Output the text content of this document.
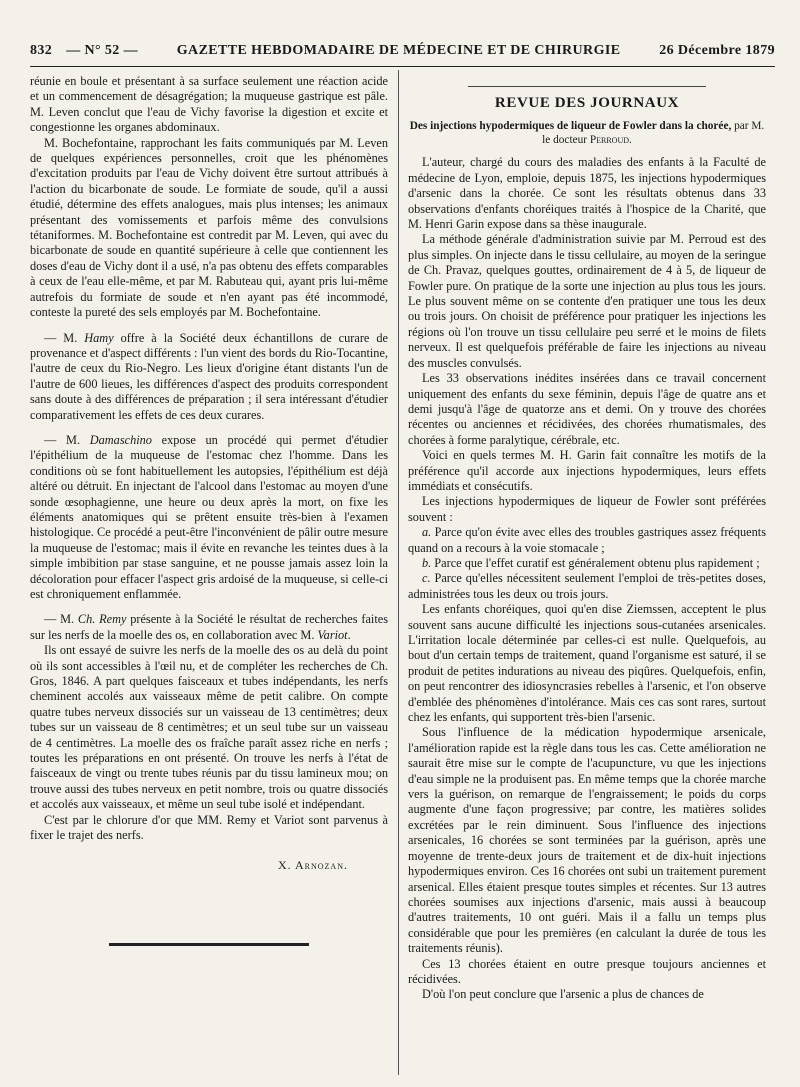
832 — N° 52 —	GAZETTE HEBDOMADAIRE DE MÉDECINE ET DE CHIRURGIE	26 Décembre 1879

réunie en boule et présentant à sa surface seulement une réaction acide et un commencement de désagrégation; la muqueuse gastrique est pâle. M. Leven conclut que l'eau de Vichy favorise la digestion et excite et congestionne les organes abdominaux.

M. Bochefontaine, rapprochant les faits communiqués par M. Leven de quelques expériences personnelles, croit que les phénomènes d'excitation produits par l'eau de Vichy doivent être surtout attribués à l'action du bicarbonate de soude. Le formiate de soude, qu'il a aussi étudié, détermine des effets analogues, mais plus intenses; les animaux présentant des vomissements et parfois même des convulsions tétaniformes. M. Bochefontaine est contredit par M. Leven, qui avec du bicarbonate de soude en quantité supérieure à celle que contiennent les doses d'eau de Vichy dont il a usé, n'a pas obtenu des effets comparables à ceux de l'eau elle-même, et par M. Rabuteau qui, ayant pris lui-même autrefois du formiate de soude et n'en ayant pas été incommodé, conteste la pureté des sels employés par M. Bochefontaine.

— M. Hamy offre à la Société deux échantillons de curare de provenance et d'aspect différents : l'un vient des bords du Rio-Tocantine, l'autre de ceux du Rio-Negro. Les lieux d'origine étant distants l'un de l'autre de 600 lieues, les différences d'aspect des produits correspondent sans doute à des différences de préparation ; il sera intéressant d'étudier comparativement les effets de ces deux curares.

— M. Damaschino expose un procédé qui permet d'étudier l'épithélium de la muqueuse de l'estomac chez l'homme. Dans les conditions où se font habituellement les autopsies, l'épithélium est déjà altéré ou détruit. En injectant de l'alcool dans l'estomac au moyen d'une sonde œsophagienne, une heure ou deux après la mort, on fixe les éléments anatomiques qui se prêtent ensuite très-bien à l'examen histologique. Ce procédé a peut-être l'inconvénient de pâlir outre mesure la muqueuse de l'estomac; mais il évite en revanche les teintes dues à la simple imbibition par stase sanguine, et ne pousse jamais assez loin la décoloration pour effacer l'aspect gris ardoisé de la muqueuse, si celle-ci est chroniquement enflammée.

— M. Ch. Remy présente à la Société le résultat de recherches faites sur les nerfs de la moelle des os, en collaboration avec M. Variot.

Ils ont essayé de suivre les nerfs de la moelle des os au delà du point où ils sont accessibles à l'œil nu, et de compléter les recherches de Ch. Gros, 1846. A part quelques faisceaux et tubes indépendants, les nerfs cheminent accolés aux vaisseaux même de petit calibre. On compte quatre tubes nerveux dissociés sur un vaisseau de 13 centimètres; deux tubes sur un vaisseau de 8 centimètres; et un seul tube sur un vaisseau de 4 centimètres. La moelle des os fraîche paraît assez riche en nerfs ; toutes les préparations en ont présenté. On trouve les nerfs à l'état de faisceaux de vingt ou trente tubes réunis par du tissu lamineux mou; on trouve aussi des tubes nerveux en petit nombre, trois ou quatre dissociés et accolés aux vaisseaux, et même un seul tube isolé et indépendant.

C'est par le chlorure d'or que MM. Remy et Variot sont parvenus à fixer le trajet des nerfs.

X. Arnozan.
REVUE DES JOURNAUX
Des injections hypodermiques de liqueur de Fowler dans la chorée, par M. le docteur Perroud.

L'auteur, chargé du cours des maladies des enfants à la Faculté de médecine de Lyon, emploie, depuis 1875, les injections hypodermiques d'arsenic dans la chorée. Ce sont les résultats obtenus dans 33 observations d'enfants choréiques traités à l'hospice de la Charité, que M. Henri Garin expose dans sa thèse inaugurale.

La méthode générale d'administration suivie par M. Perroud est des plus simples. On injecte dans le tissu cellulaire, au moyen de la seringue de Ch. Pravaz, quelques gouttes, ordinairement de 4 à 5, de liqueur de Fowler pure. On pratique de la sorte une injection au plus tous les jours. Le plus souvent même on se contente d'en pratiquer une tous les deux ou trois jours. On choisit de préférence pour pratiquer les injections les régions où l'on trouve un tissu cellulaire peu serré et le moins de filets nerveux. Il est quelquefois préférable de faire les injections au niveau des muscles convulsés.

Les 33 observations inédites insérées dans ce travail concernent uniquement des enfants du sexe féminin, depuis l'âge de quatre ans et demi jusqu'à l'âge de quatorze ans et demi. On y trouve des chorées récentes ou anciennes et récidivées, des chorées rhumatismales, des chorées à forme paralytique, cérébrale, etc.

Voici en quels termes M. H. Garin fait connaître les motifs de la préférence qu'il accorde aux injections hypodermiques, leurs effets immédiats et consécutifs.

Les injections hypodermiques de liqueur de Fowler sont préférées souvent :

a. Parce qu'on évite avec elles des troubles gastriques assez fréquents quand on a recours à la voie stomacale ;

b. Parce que l'effet curatif est généralement obtenu plus rapidement ;

c. Parce qu'elles nécessitent seulement l'emploi de très-petites doses, administrées tous les deux ou trois jours.

Les enfants choréiques, quoi qu'en dise Ziemssen, acceptent le plus souvent sans aucune difficulté les injections sous-cutanées arsenicales. L'irritation locale déterminée par celles-ci est nulle. Quelquefois, au bout d'un certain temps de traitement, quand l'organisme est saturé, il se produit de petites indurations au niveau des piqûres. Quelquefois, enfin, on peut rencontrer des idiosyncrasies rebelles à l'arsenic, et l'on observe d'emblée des phénomènes d'intolérance. Mais ces cas sont rares, surtout chez les enfants, qui supportent très-bien l'arsenic.

Sous l'influence de la médication hypodermique arsenicale, l'amélioration rapide est la règle dans tous les cas. Cette amélioration ne saurait être mise sur le compte de l'acupuncture, vu que les injections d'eau simple ne la produisent pas. En même temps que la chorée marche vers la guérison, on remarque de l'engraissement; le poids du corps augmente d'une façon progressive; par contre, les matières solides excrétées par le rein diminuent. Sous l'influence des injections arsenicales, 16 chorées se sont terminées par la guérison, après une moyenne de trente-deux jours de traitement et de dix-huit injections hypodermiques environ. Ces 16 chorées ont subi un traitement purement arsenical. Elles étaient presque toutes simples et récentes. Sur 13 autres chorées soumises aux injections d'arsenic, mais aussi à beaucoup d'autres traitements, 10 ont guéri. Mais il a fallu un temps plus considérable que pour les premières (en calculant la durée de tous les traitements réunis).

Ces 13 chorées étaient en outre presque toujours anciennes et récidivées.

D'où l'on peut conclure que l'arsenic a plus de chances de
